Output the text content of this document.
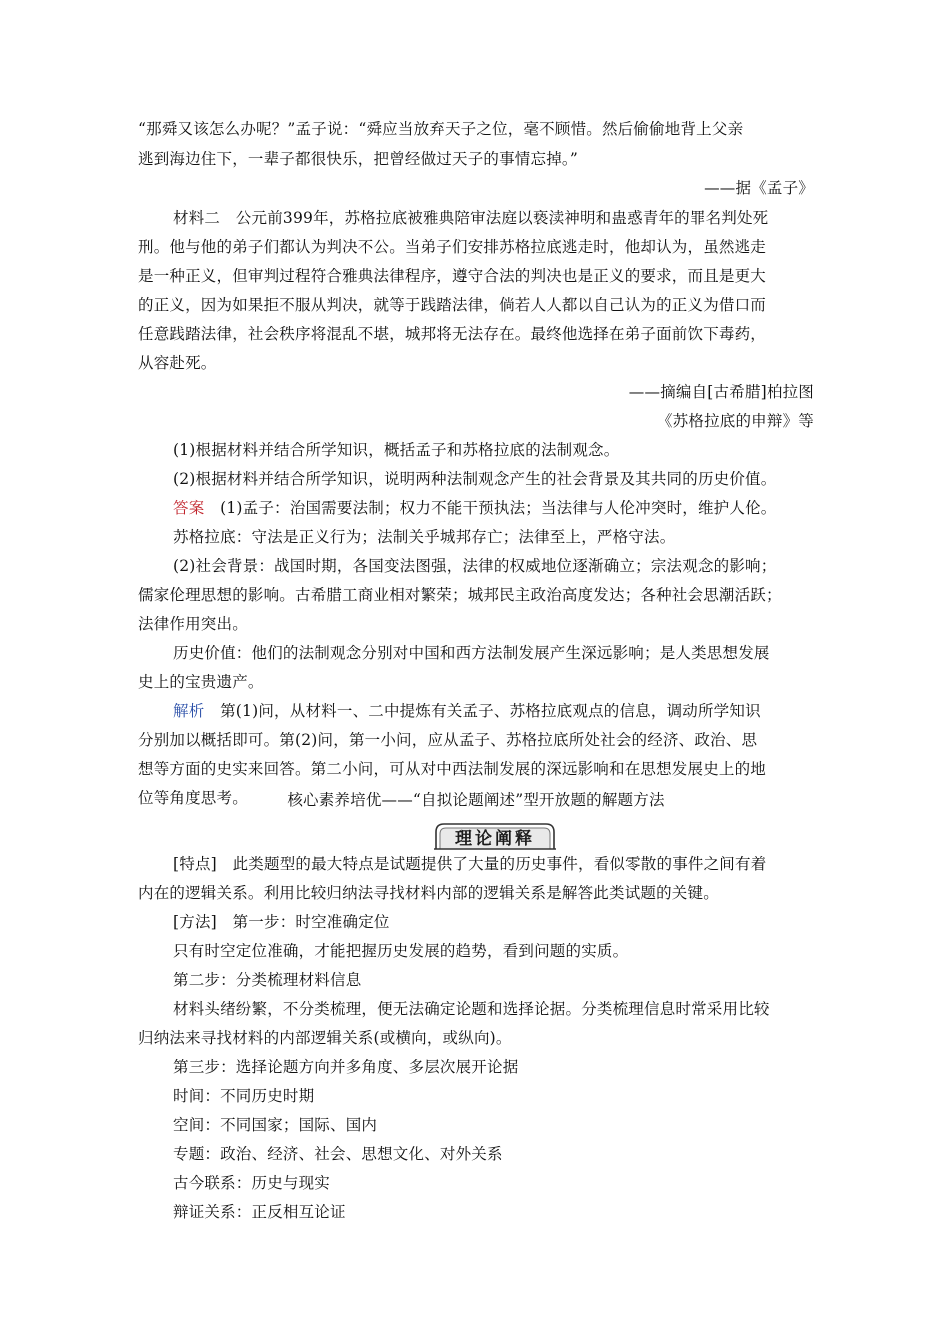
“那舜又该怎么办呢？”孟子说：“舜应当放弃天子之位，毫不顾惜。然后偷偷地背上父亲
逃到海边住下，一辈子都很快乐，把曾经做过天子的事情忘掉。”
——据《孟子》
材料二　公元前399年，苏格拉底被雅典陪审法庭以亵渎神明和蛊惑青年的罪名判处死
刑。他与他的弟子们都认为判决不公。当弟子们安排苏格拉底逃走时，他却认为，虽然逃走
是一种正义，但审判过程符合雅典法律程序，遵守合法的判决也是正义的要求，而且是更大
的正义，因为如果拒不服从判决，就等于践踏法律，倘若人人都以自己认为的正义为借口而
任意践踏法律，社会秩序将混乱不堪，城邦将无法存在。最终他选择在弟子面前饮下毒药，
从容赴死。
——摘编自[古希腊]柏拉图
《苏格拉底的申辩》等
(1)根据材料并结合所学知识，概括孟子和苏格拉底的法制观念。
(2)根据材料并结合所学知识，说明两种法制观念产生的社会背景及其共同的历史价值。
答案　(1)孟子：治国需要法制；权力不能干预执法；当法律与人伦冲突时，维护人伦。
苏格拉底：守法是正义行为；法制关乎城邦存亡；法律至上，严格守法。
(2)社会背景：战国时期，各国变法图强，法律的权威地位逐渐确立；宗法观念的影响；
儒家伦理思想的影响。古希腊工商业相对繁荣；城邦民主政治高度发达；各种社会思潮活跃；
法律作用突出。
历史价值：他们的法制观念分别对中国和西方法制发展产生深远影响；是人类思想发展
史上的宝贵遗产。
解析　第(1)问，从材料一、二中提炼有关孟子、苏格拉底观点的信息，调动所学知识
分别加以概括即可。第(2)问，第一小问，应从孟子、苏格拉底所处社会的经济、政治、思
想等方面的史实来回答。第二小问，可从对中西法制发展的深远影响和在思想发展史上的地
位等角度思考。	核心素养培优——“自拟论题阐述”型开放题的解题方法
理论阐释
[特点]　此类题型的最大特点是试题提供了大量的历史事件，看似零散的事件之间有着
内在的逻辑关系。利用比较归纳法寻找材料内部的逻辑关系是解答此类试题的关键。
[方法]　第一步：时空准确定位
只有时空定位准确，才能把握历史发展的趋势，看到问题的实质。
第二步：分类梳理材料信息
材料头绪纷繁，不分类梳理，便无法确定论题和选择论据。分类梳理信息时常采用比较
归纳法来寻找材料的内部逻辑关系(或横向，或纵向)。
第三步：选择论题方向并多角度、多层次展开论据
时间：不同历史时期
空间：不同国家；国际、国内
专题：政治、经济、社会、思想文化、对外关系
古今联系：历史与现实
辩证关系：正反相互论证
